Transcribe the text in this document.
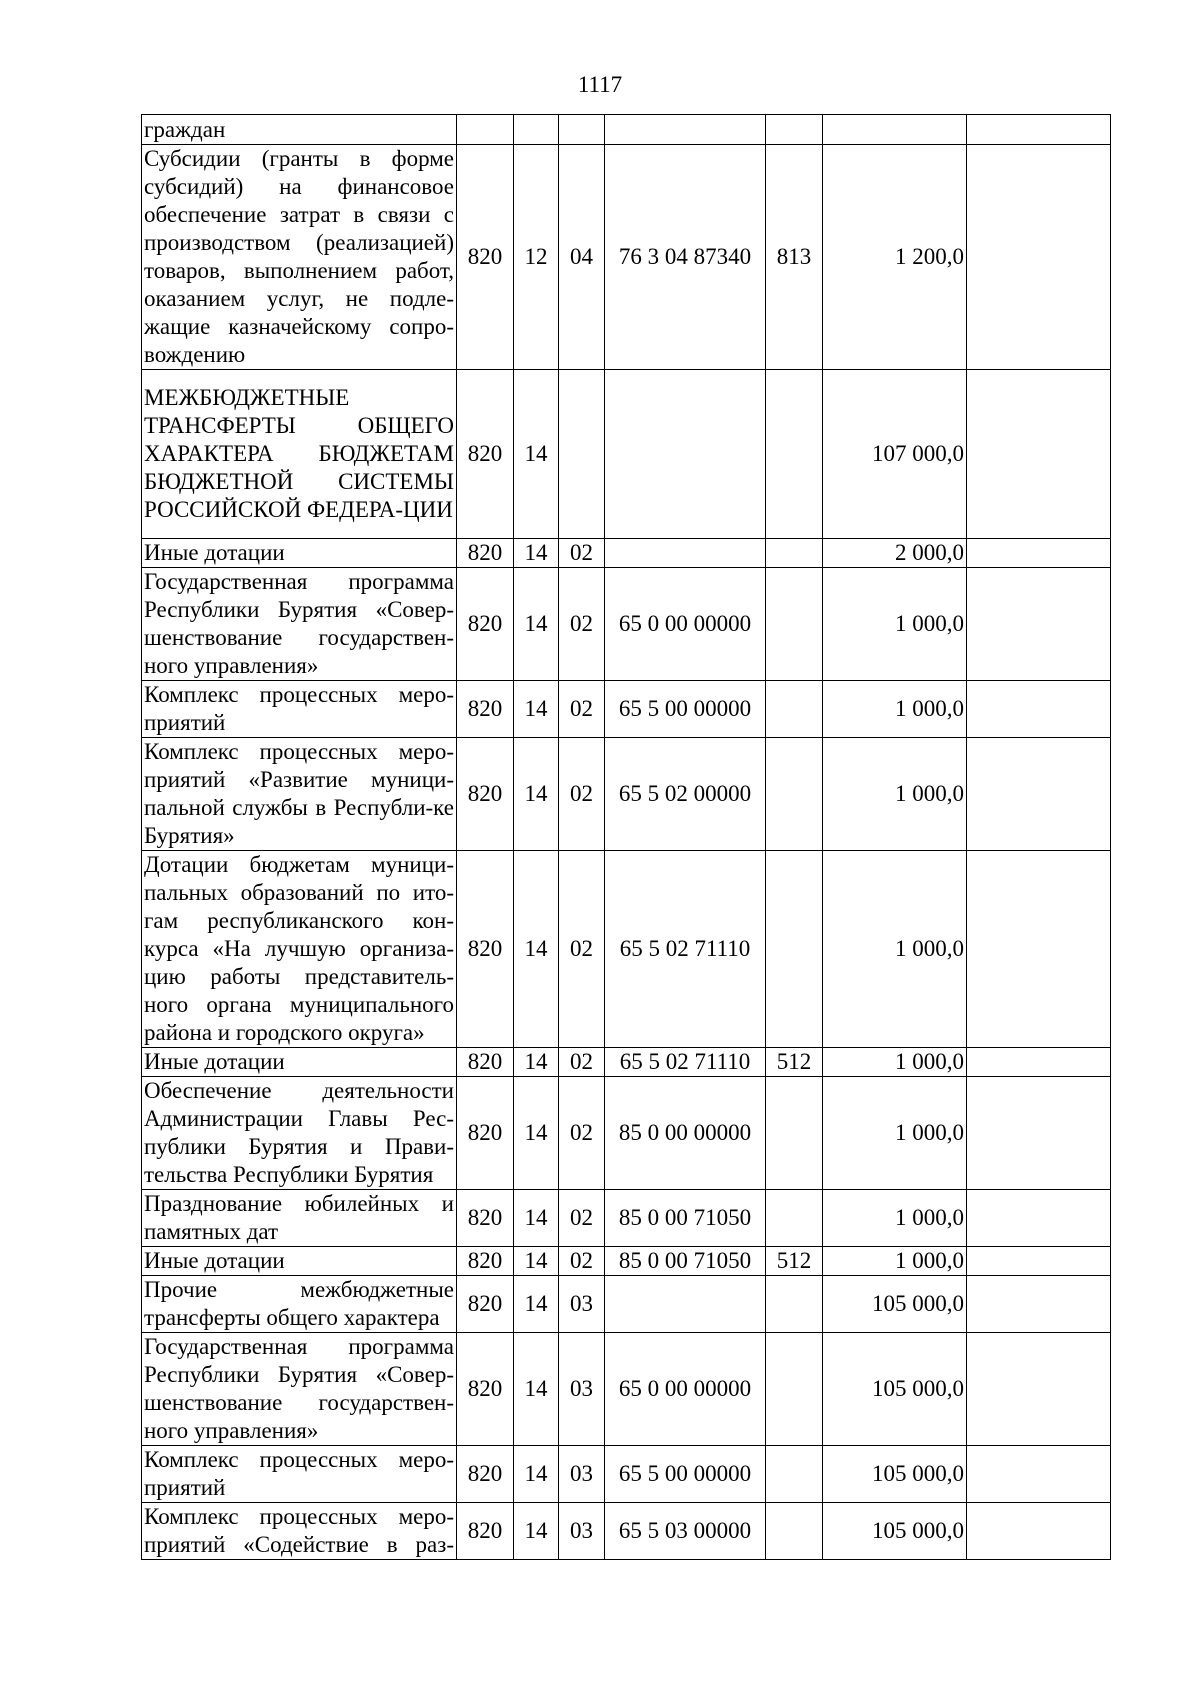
1117
граждан							
Субсидии (гранты в форме субсидий) на финансовое обеспечение затрат в связи с производством (реализацией) товаров, выполнением работ, оказанием услуг, не подле-жащие казначейскому сопро-вождению	820	12	04	76 3 04 87340	813	1 200,0	
МЕЖБЮДЖЕТНЫЕ ТРАНСФЕРТЫ ОБЩЕГО ХАРАКТЕРА БЮДЖЕТАМ БЮДЖЕТНОЙ СИСТЕМЫ РОССИЙСКОЙ ФЕДЕРА-ЦИИ	820	14				107 000,0	
Иные дотации	820	14	02			2 000,0	
Государственная программа Республики Бурятия «Совер-шенствование государствен-ного управления»	820	14	02	65 0 00 00000		1 000,0	
Комплекс процессных меро-приятий	820	14	02	65 5 00 00000		1 000,0	
Комплекс процессных меро-приятий «Развитие муници-пальной службы в Республи-ке Бурятия»	820	14	02	65 5 02 00000		1 000,0	
Дотации бюджетам муници-пальных образований по ито-гам республиканского кон-курса «На лучшую организа-цию работы представитель-ного органа муниципального района и городского округа»	820	14	02	65 5 02 71110		1 000,0	
Иные дотации	820	14	02	65 5 02 71110	512	1 000,0	
Обеспечение деятельности Администрации Главы Рес-публики Бурятия и Прави-тельства Республики Бурятия	820	14	02	85 0 00 00000		1 000,0	
Празднование юбилейных и памятных дат	820	14	02	85 0 00 71050		1 000,0	
Иные дотации	820	14	02	85 0 00 71050	512	1 000,0	
Прочие межбюджетные трансферты общего характера	820	14	03			105 000,0	
Государственная программа Республики Бурятия «Совер-шенствование государствен-ного управления»	820	14	03	65 0 00 00000		105 000,0	
Комплекс процессных меро-приятий	820	14	03	65 5 00 00000		105 000,0	
Комплекс процессных меро-приятий «Содействие в раз-	820	14	03	65 5 03 00000		105 000,0	
